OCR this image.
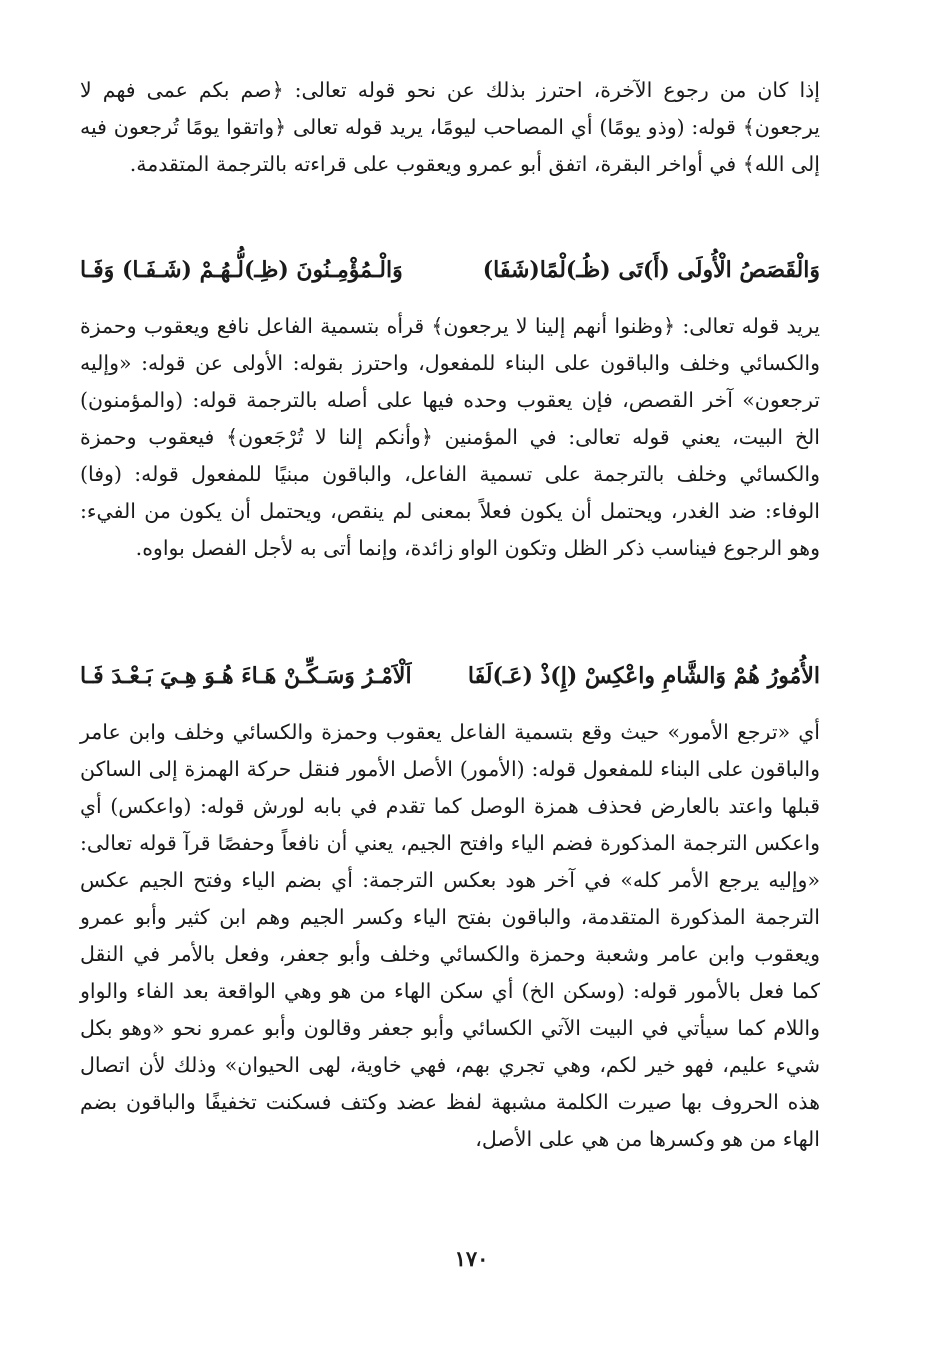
إذا كان من رجوع الآخرة، احترز بذلك عن نحو قوله تعالى: ﴿صم بكم عمى فهم لا يرجعون﴾ قوله: (وذو يومًا) أي المصاحب ليومًا، يريد قوله تعالى ﴿واتقوا يومًا تُرجعون فيه إلى الله﴾ في أواخر البقرة، اتفق أبو عمرو ويعقوب على قراءته بالترجمة المتقدمة.

وَالْقَصَصُ الْأُولَى (أَ)تَى (ظُـ)لْمًا(شَفَا)
وَالْـمُؤْمِـنُونَ (ظِـ)لُّـهُـمْ (شَـفَـا) وَفَـا

يريد قوله تعالى: ﴿وظنوا أنهم إلينا لا يرجعون﴾ قرأه بتسمية الفاعل نافع ويعقوب وحمزة والكسائي وخلف والباقون على البناء للمفعول، واحترز بقوله: الأولى عن قوله: «وإليه ترجعون» آخر القصص، فإن يعقوب وحده فيها على أصله بالترجمة قوله: (والمؤمنون) الخ البيت، يعني قوله تعالى: في المؤمنين ﴿وأنكم إلنا لا تُرْجَعون﴾ فيعقوب وحمزة والكسائي وخلف بالترجمة على تسمية الفاعل، والباقون مبنيًا للمفعول قوله: (وفا) الوفاء: ضد الغدر، ويحتمل أن يكون فعلاً بمعنى لم ينقص، ويحتمل أن يكون من الفيء: وهو الرجوع فيناسب ذكر الظل وتكون الواو زائدة، وإنما أتى به لأجل الفصل بواوه.

الأُمُورُ هُمْ وَالشَّامِ واعْكِسْ (إِ)ذْ (عَـ)لَفَا
اَلْاَمْـرُ وَسَـكِّـنْ هَـاءَ هُـوَ هِـيَ بَـعْـدَ فَـا

أي «ترجع الأمور» حيث وقع بتسمية الفاعل يعقوب وحمزة والكسائي وخلف وابن عامر والباقون على البناء للمفعول قوله: (الأمور) الأصل الأمور فنقل حركة الهمزة إلى الساكن قبلها واعتد بالعارض فحذف همزة الوصل كما تقدم في بابه لورش قوله: (واعكس) أي واعكس الترجمة المذكورة فضم الياء وافتح الجيم، يعني أن نافعاً وحفصًا قرآ قوله تعالى: «وإليه يرجع الأمر كله» في آخر هود بعكس الترجمة: أي بضم الياء وفتح الجيم عكس الترجمة المذكورة المتقدمة، والباقون بفتح الياء وكسر الجيم وهم ابن كثير وأبو عمرو ويعقوب وابن عامر وشعبة وحمزة والكسائي وخلف وأبو جعفر، وفعل بالأمر في النقل كما فعل بالأمور قوله: (وسكن الخ) أي سكن الهاء من هو وهي الواقعة بعد الفاء والواو واللام كما سيأتي في البيت الآتي الكسائي وأبو جعفر وقالون وأبو عمرو نحو «وهو بكل شيء عليم، فهو خير لكم، وهي تجري بهم، فهي خاوية، لهى الحيوان» وذلك لأن اتصال هذه الحروف بها صيرت الكلمة مشبهة لفظ عضد وكتف فسكنت تخفيفًا والباقون بضم الهاء من هو وكسرها من هي على الأصل،

١٧٠
